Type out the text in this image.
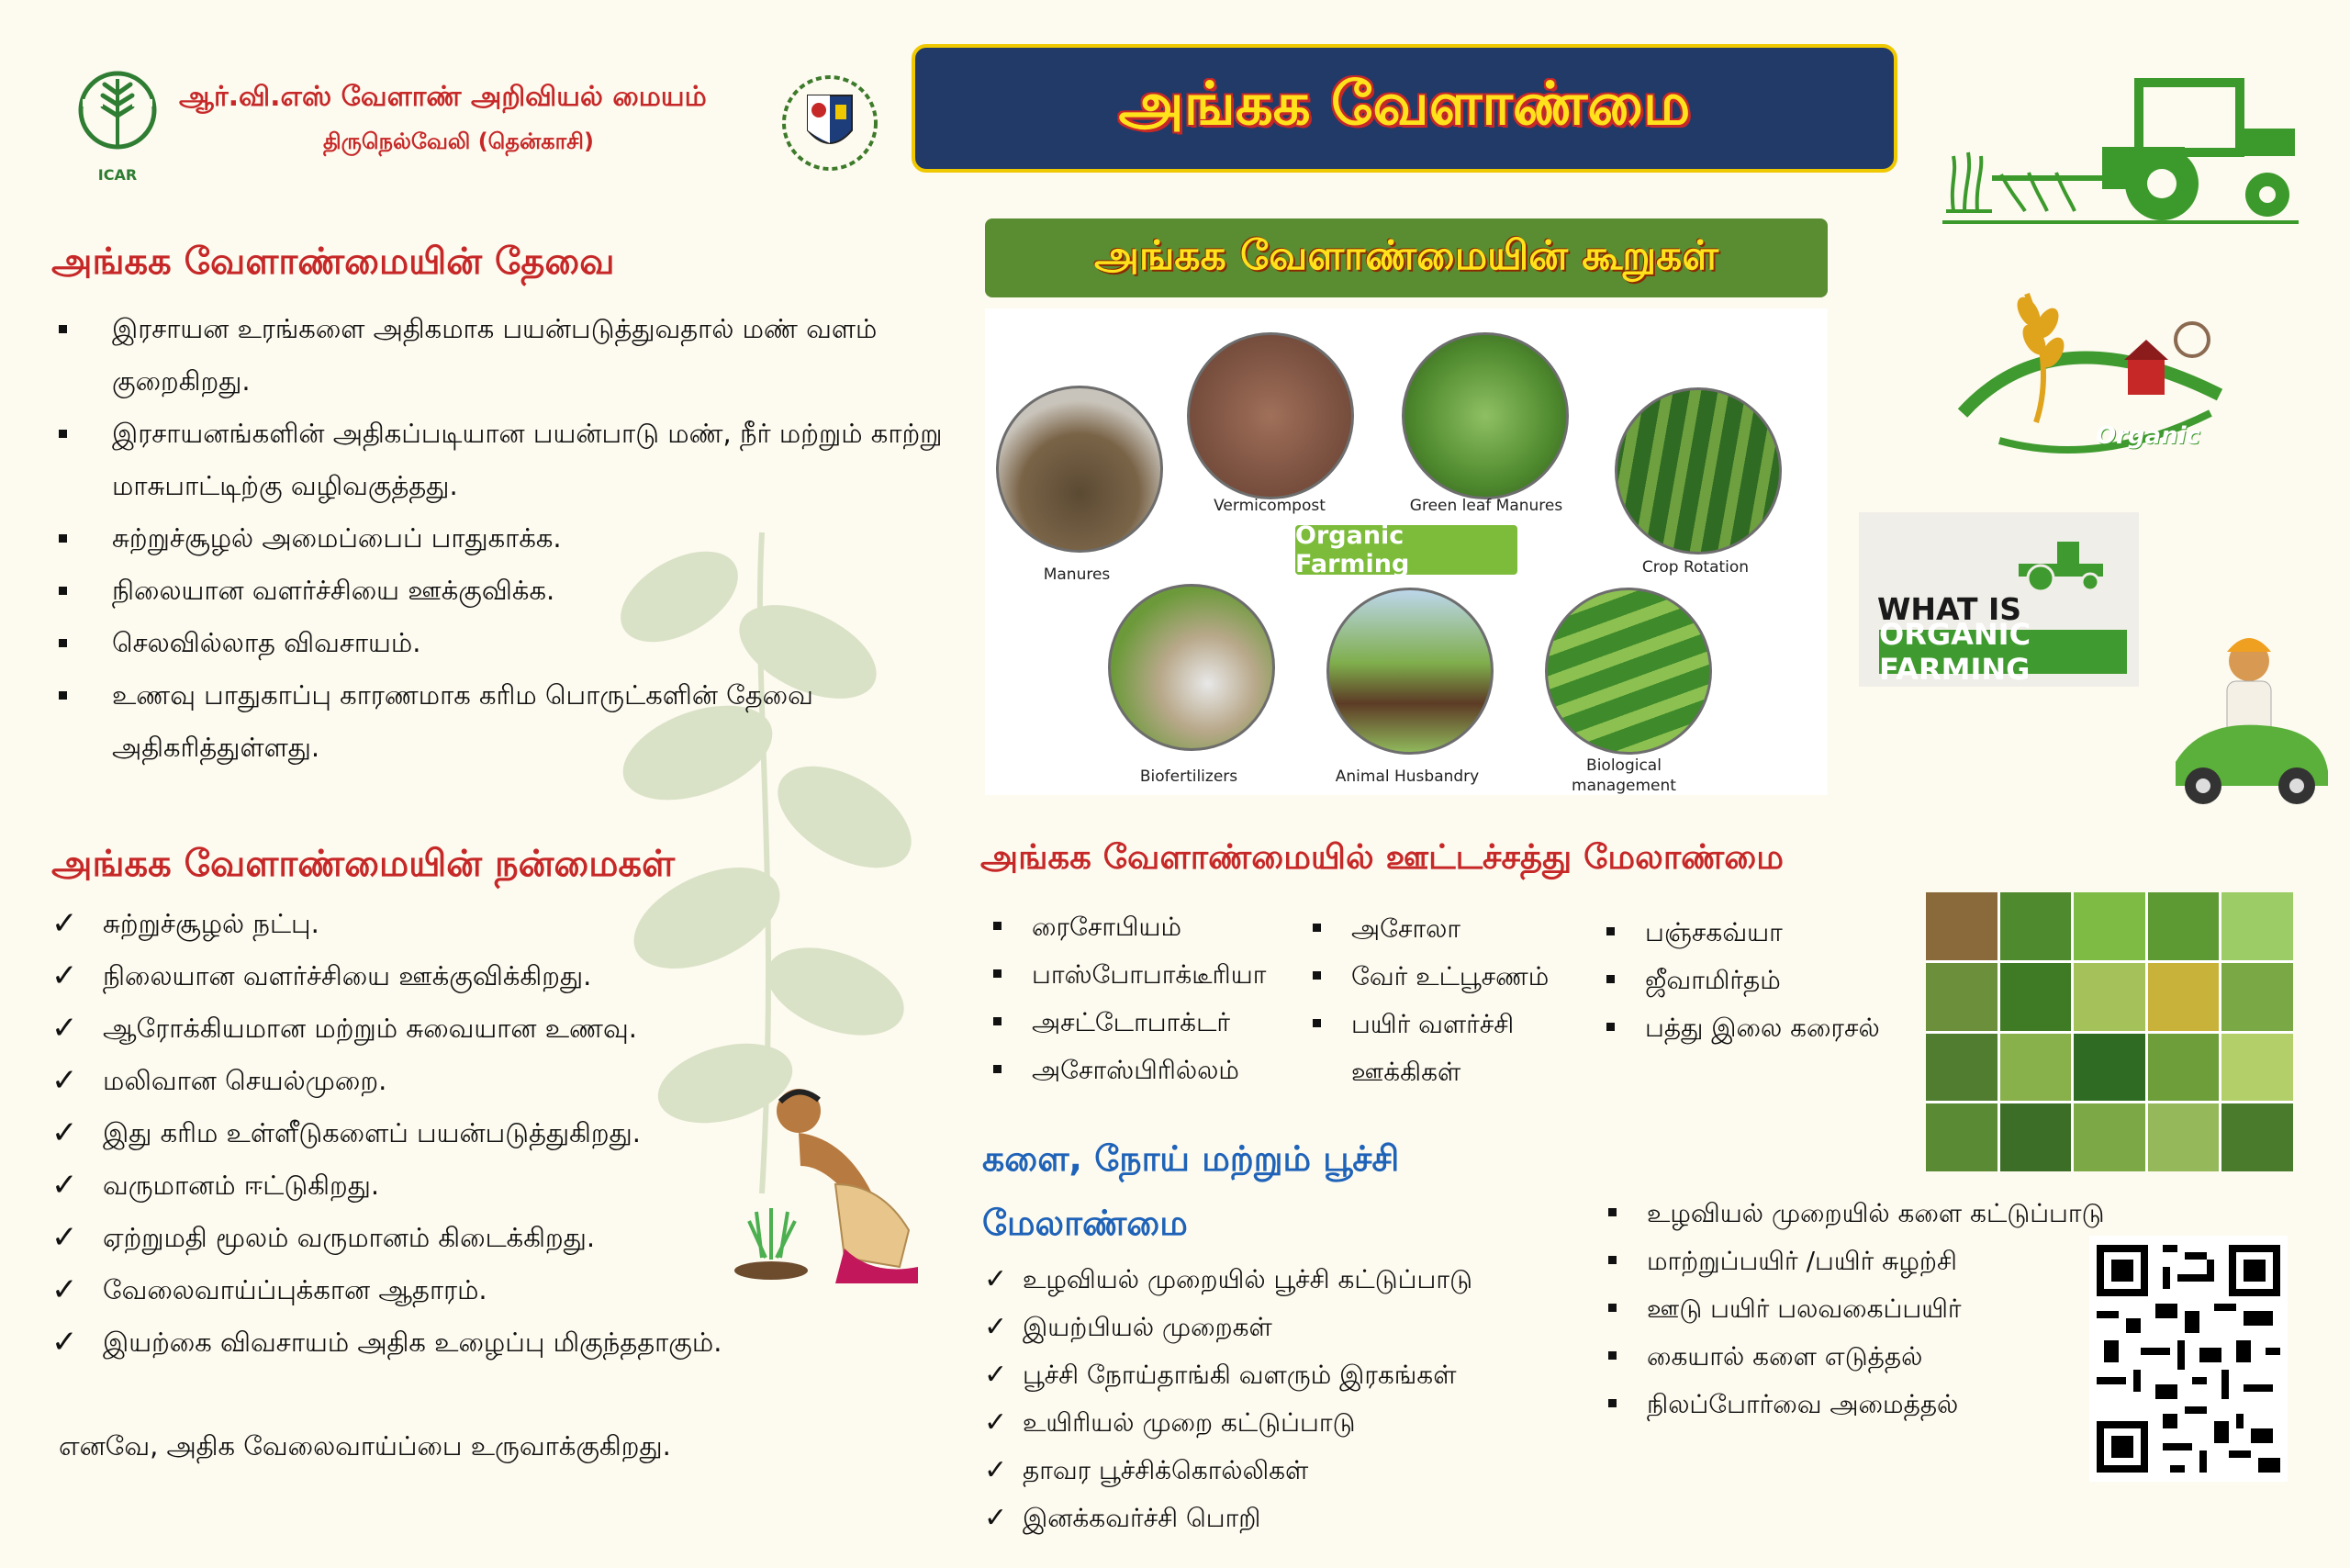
ICAR
ஆர்.வி.எஸ் வேளாண் அறிவியல் மையம்
திருநெல்வேலி (தென்காசி)
அங்கக வேளாண்மை
அங்கக வேளாண்மையின் தேவை
இரசாயன உரங்களை அதிகமாக பயன்படுத்துவதால் மண் வளம் குறைகிறது.
இரசாயனங்களின் அதிகப்படியான பயன்பாடு மண், நீர் மற்றும் காற்று மாசுபாட்டிற்கு வழிவகுத்தது.
சுற்றுச்சூழல் அமைப்பைப் பாதுகாக்க.
நிலையான வளர்ச்சியை ஊக்குவிக்க.
செலவில்லாத விவசாயம்.
உணவு பாதுகாப்பு காரணமாக கரிம பொருட்களின் தேவை அதிகரித்துள்ளது.
அங்கக வேளாண்மையின் கூறுகள்
Organic Farming
Manures
Vermicompost	Green leaf Manures
Crop Rotation
Biofertilizers	Animal Husbandry
Biological
management
Organic
WHAT IS
ORGANIC FARMING
அங்கக வேளாண்மையின் நன்மைகள்
✓ சுற்றுச்சூழல் நட்பு.
✓ நிலையான வளர்ச்சியை ஊக்குவிக்கிறது.
✓ ஆரோக்கியமான மற்றும் சுவையான உணவு.
✓ மலிவான செயல்முறை.
✓ இது கரிம உள்ளீடுகளைப் பயன்படுத்துகிறது.
✓ வருமானம் ஈட்டுகிறது.
✓ ஏற்றுமதி மூலம் வருமானம் கிடைக்கிறது.
✓ வேலைவாய்ப்புக்கான ஆதாரம்.
✓ இயற்கை விவசாயம் அதிக உழைப்பு மிகுந்ததாகும்.
எனவே, அதிக வேலைவாய்ப்பை உருவாக்குகிறது.
அங்கக வேளாண்மையில் ஊட்டச்சத்து மேலாண்மை
ரைசோபியம்
பாஸ்போபாக்டீரியா
அசட்டோபாக்டர்
அசோஸ்பிரில்லம்
அசோலா
வேர் உட்பூசணம்
பயிர் வளர்ச்சி ஊக்கிகள்
பஞ்சகவ்யா
ஜீவாமிர்தம்
பத்து இலை கரைசல்
களை, நோய் மற்றும் பூச்சி
மேலாண்மை
✓ உழவியல் முறையில் பூச்சி கட்டுப்பாடு
✓ இயற்பியல் முறைகள்
✓ பூச்சி நோய்தாங்கி வளரும் இரகங்கள்
✓ உயிரியல் முறை கட்டுப்பாடு
✓ தாவர பூச்சிக்கொல்லிகள்
✓ இனக்கவர்ச்சி பொறி
உழவியல் முறையில் களை கட்டுப்பாடு
மாற்றுப்பயிர் /பயிர் சுழற்சி
ஊடு பயிர் பலவகைப்பயிர்
கையால் களை எடுத்தல்
நிலப்போர்வை அமைத்தல்
